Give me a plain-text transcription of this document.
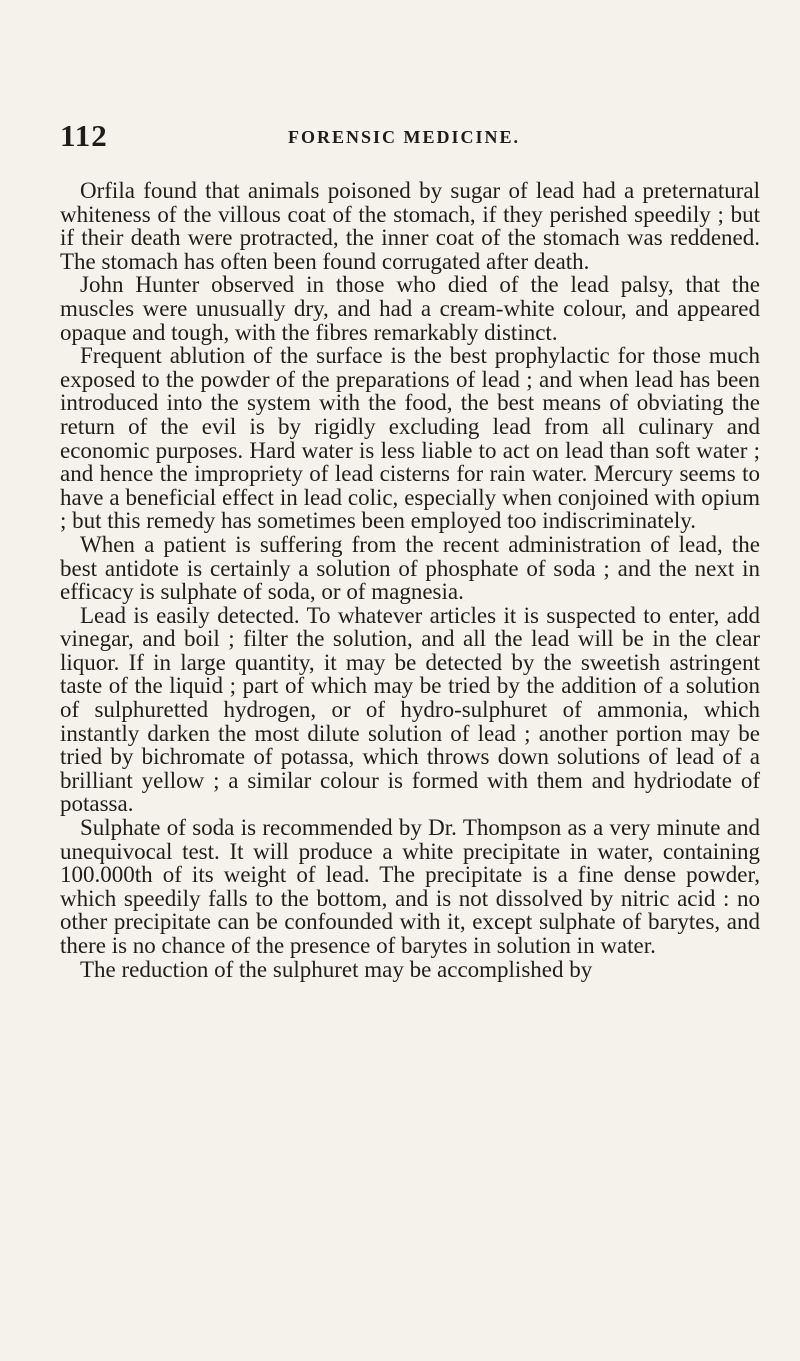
112	FORENSIC MEDICINE.

Orfila found that animals poisoned by sugar of lead had a preternatural whiteness of the villous coat of the stomach, if they perished speedily ; but if their death were protracted, the inner coat of the stomach was reddened. The stomach has often been found corrugated after death.

John Hunter observed in those who died of the lead palsy, that the muscles were unusually dry, and had a cream-white colour, and appeared opaque and tough, with the fibres remarkably distinct.

Frequent ablution of the surface is the best prophylactic for those much exposed to the powder of the preparations of lead ; and when lead has been introduced into the system with the food, the best means of obviating the return of the evil is by rigidly excluding lead from all culinary and economic purposes. Hard water is less liable to act on lead than soft water ; and hence the impropriety of lead cisterns for rain water. Mercury seems to have a beneficial effect in lead colic, especially when conjoined with opium ; but this remedy has sometimes been employed too indiscriminately.

When a patient is suffering from the recent administration of lead, the best antidote is certainly a solution of phosphate of soda ; and the next in efficacy is sulphate of soda, or of magnesia.

Lead is easily detected. To whatever articles it is suspected to enter, add vinegar, and boil ; filter the solution, and all the lead will be in the clear liquor. If in large quantity, it may be detected by the sweetish astringent taste of the liquid ; part of which may be tried by the addition of a solution of sulphuretted hydrogen, or of hydro-sulphuret of ammonia, which instantly darken the most dilute solution of lead ; another portion may be tried by bichromate of potassa, which throws down solutions of lead of a brilliant yellow ; a similar colour is formed with them and hydriodate of potassa.

Sulphate of soda is recommended by Dr. Thompson as a very minute and unequivocal test. It will produce a white precipitate in water, containing 100.000th of its weight of lead. The precipitate is a fine dense powder, which speedily falls to the bottom, and is not dissolved by nitric acid : no other precipitate can be confounded with it, except sulphate of barytes, and there is no chance of the presence of barytes in solution in water.

The reduction of the sulphuret may be accomplished by
